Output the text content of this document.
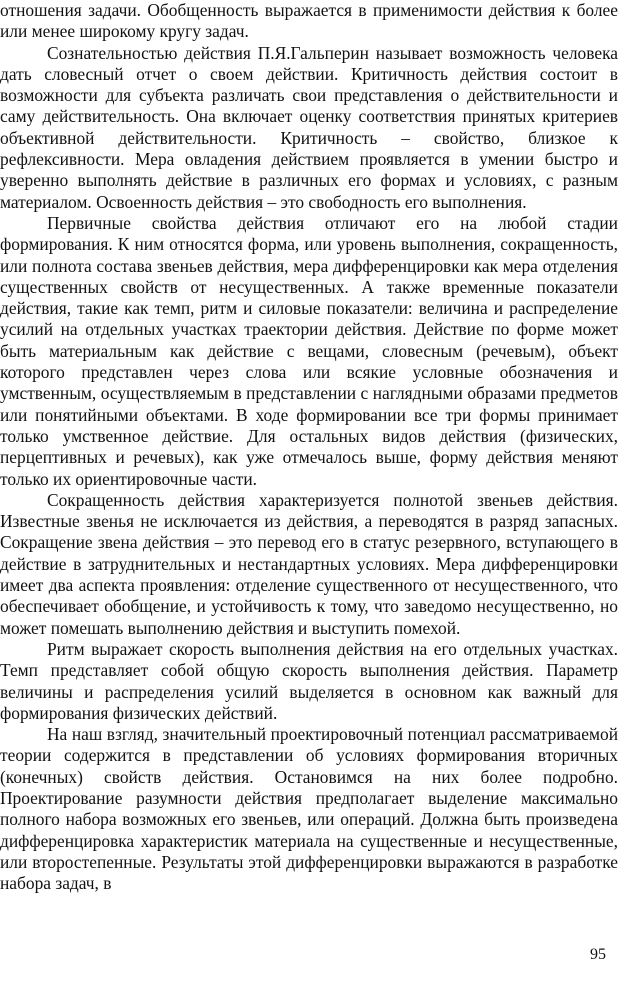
отношения задачи. Обобщенность выражается в применимости действия к более или менее широкому кругу задач.

Сознательностью действия П.Я.Гальперин называет возможность человека дать словесный отчет о своем действии. Критичность действия состоит в возможности для субъекта различать свои представления о действительности и саму действительность. Она включает оценку соответствия принятых критериев объективной действительности. Критичность – свойство, близкое к рефлексивности. Мера овладения действием проявляется в умении быстро и уверенно выполнять действие в различных его формах и условиях, с разным материалом. Освоенность действия – это свободность его выполнения.

Первичные свойства действия отличают его на любой стадии формирования. К ним относятся форма, или уровень выполнения, сокращенность, или полнота состава звеньев действия, мера дифференцировки как мера отделения существенных свойств от несущественных. А также временные показатели действия, такие как темп, ритм и силовые показатели: величина и распределение усилий на отдельных участках траектории действия. Действие по форме может быть материальным как действие с вещами, словесным (речевым), объект которого представлен через слова или всякие условные обозначения и умственным, осуществляемым в представлении с наглядными образами предметов или понятийными объектами. В ходе формировании все три формы принимает только умственное действие. Для остальных видов действия (физических, перцептивных и речевых), как уже отмечалось выше, форму действия меняют только их ориентировочные части.

Сокращенность действия характеризуется полнотой звеньев действия. Известные звенья не исключается из действия, а переводятся в разряд запасных. Сокращение звена действия – это перевод его в статус резервного, вступающего в действие в затруднительных и нестандартных условиях. Мера дифференцировки имеет два аспекта проявления: отделение существенного от несущественного, что обеспечивает обобщение, и устойчивость к тому, что заведомо несущественно, но может помешать выполнению действия и выступить помехой.

Ритм выражает скорость выполнения действия на его отдельных участках. Темп представляет собой общую скорость выполнения действия. Параметр величины и распределения усилий выделяется в основном как важный для формирования физических действий.

На наш взгляд, значительный проектировочный потенциал рассматриваемой теории содержится в представлении об условиях формирования вторичных (конечных) свойств действия. Остановимся на них более подробно. Проектирование разумности действия предполагает выделение максимально полного набора возможных его звеньев, или операций. Должна быть произведена дифференцировка характеристик материала на существенные и несущественные, или второстепенные. Результаты этой дифференцировки выражаются в разработке набора задач, в

95
